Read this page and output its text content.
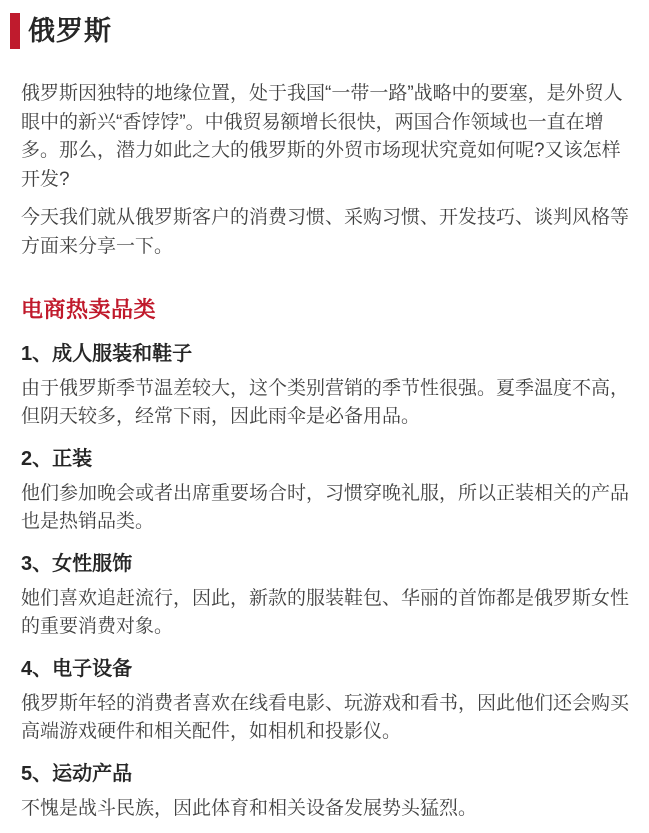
俄罗斯

俄罗斯因独特的地缘位置，处于我国“一带一路”战略中的要塞，是外贸人眼中的新兴“香饽饽”。中俄贸易额增长很快，两国合作领域也一直在增多。那么，潜力如此之大的俄罗斯的外贸市场现状究竟如何呢?又该怎样开发?

今天我们就从俄罗斯客户的消费习惯、采购习惯、开发技巧、谈判风格等方面来分享一下。

电商热卖品类
1、成人服装和鞋子

由于俄罗斯季节温差较大，这个类别营销的季节性很强。夏季温度不高，但阴天较多，经常下雨，因此雨伞是必备用品。

2、正装

他们参加晚会或者出席重要场合时，习惯穿晚礼服，所以正装相关的产品也是热销品类。

3、女性服饰

她们喜欢追赶流行，因此，新款的服装鞋包、华丽的首饰都是俄罗斯女性的重要消费对象。

4、电子设备

俄罗斯年轻的消费者喜欢在线看电影、玩游戏和看书，因此他们还会购买高端游戏硬件和相关配件，如相机和投影仪。

5、运动产品

不愧是战斗民族，因此体育和相关设备发展势头猛烈。
